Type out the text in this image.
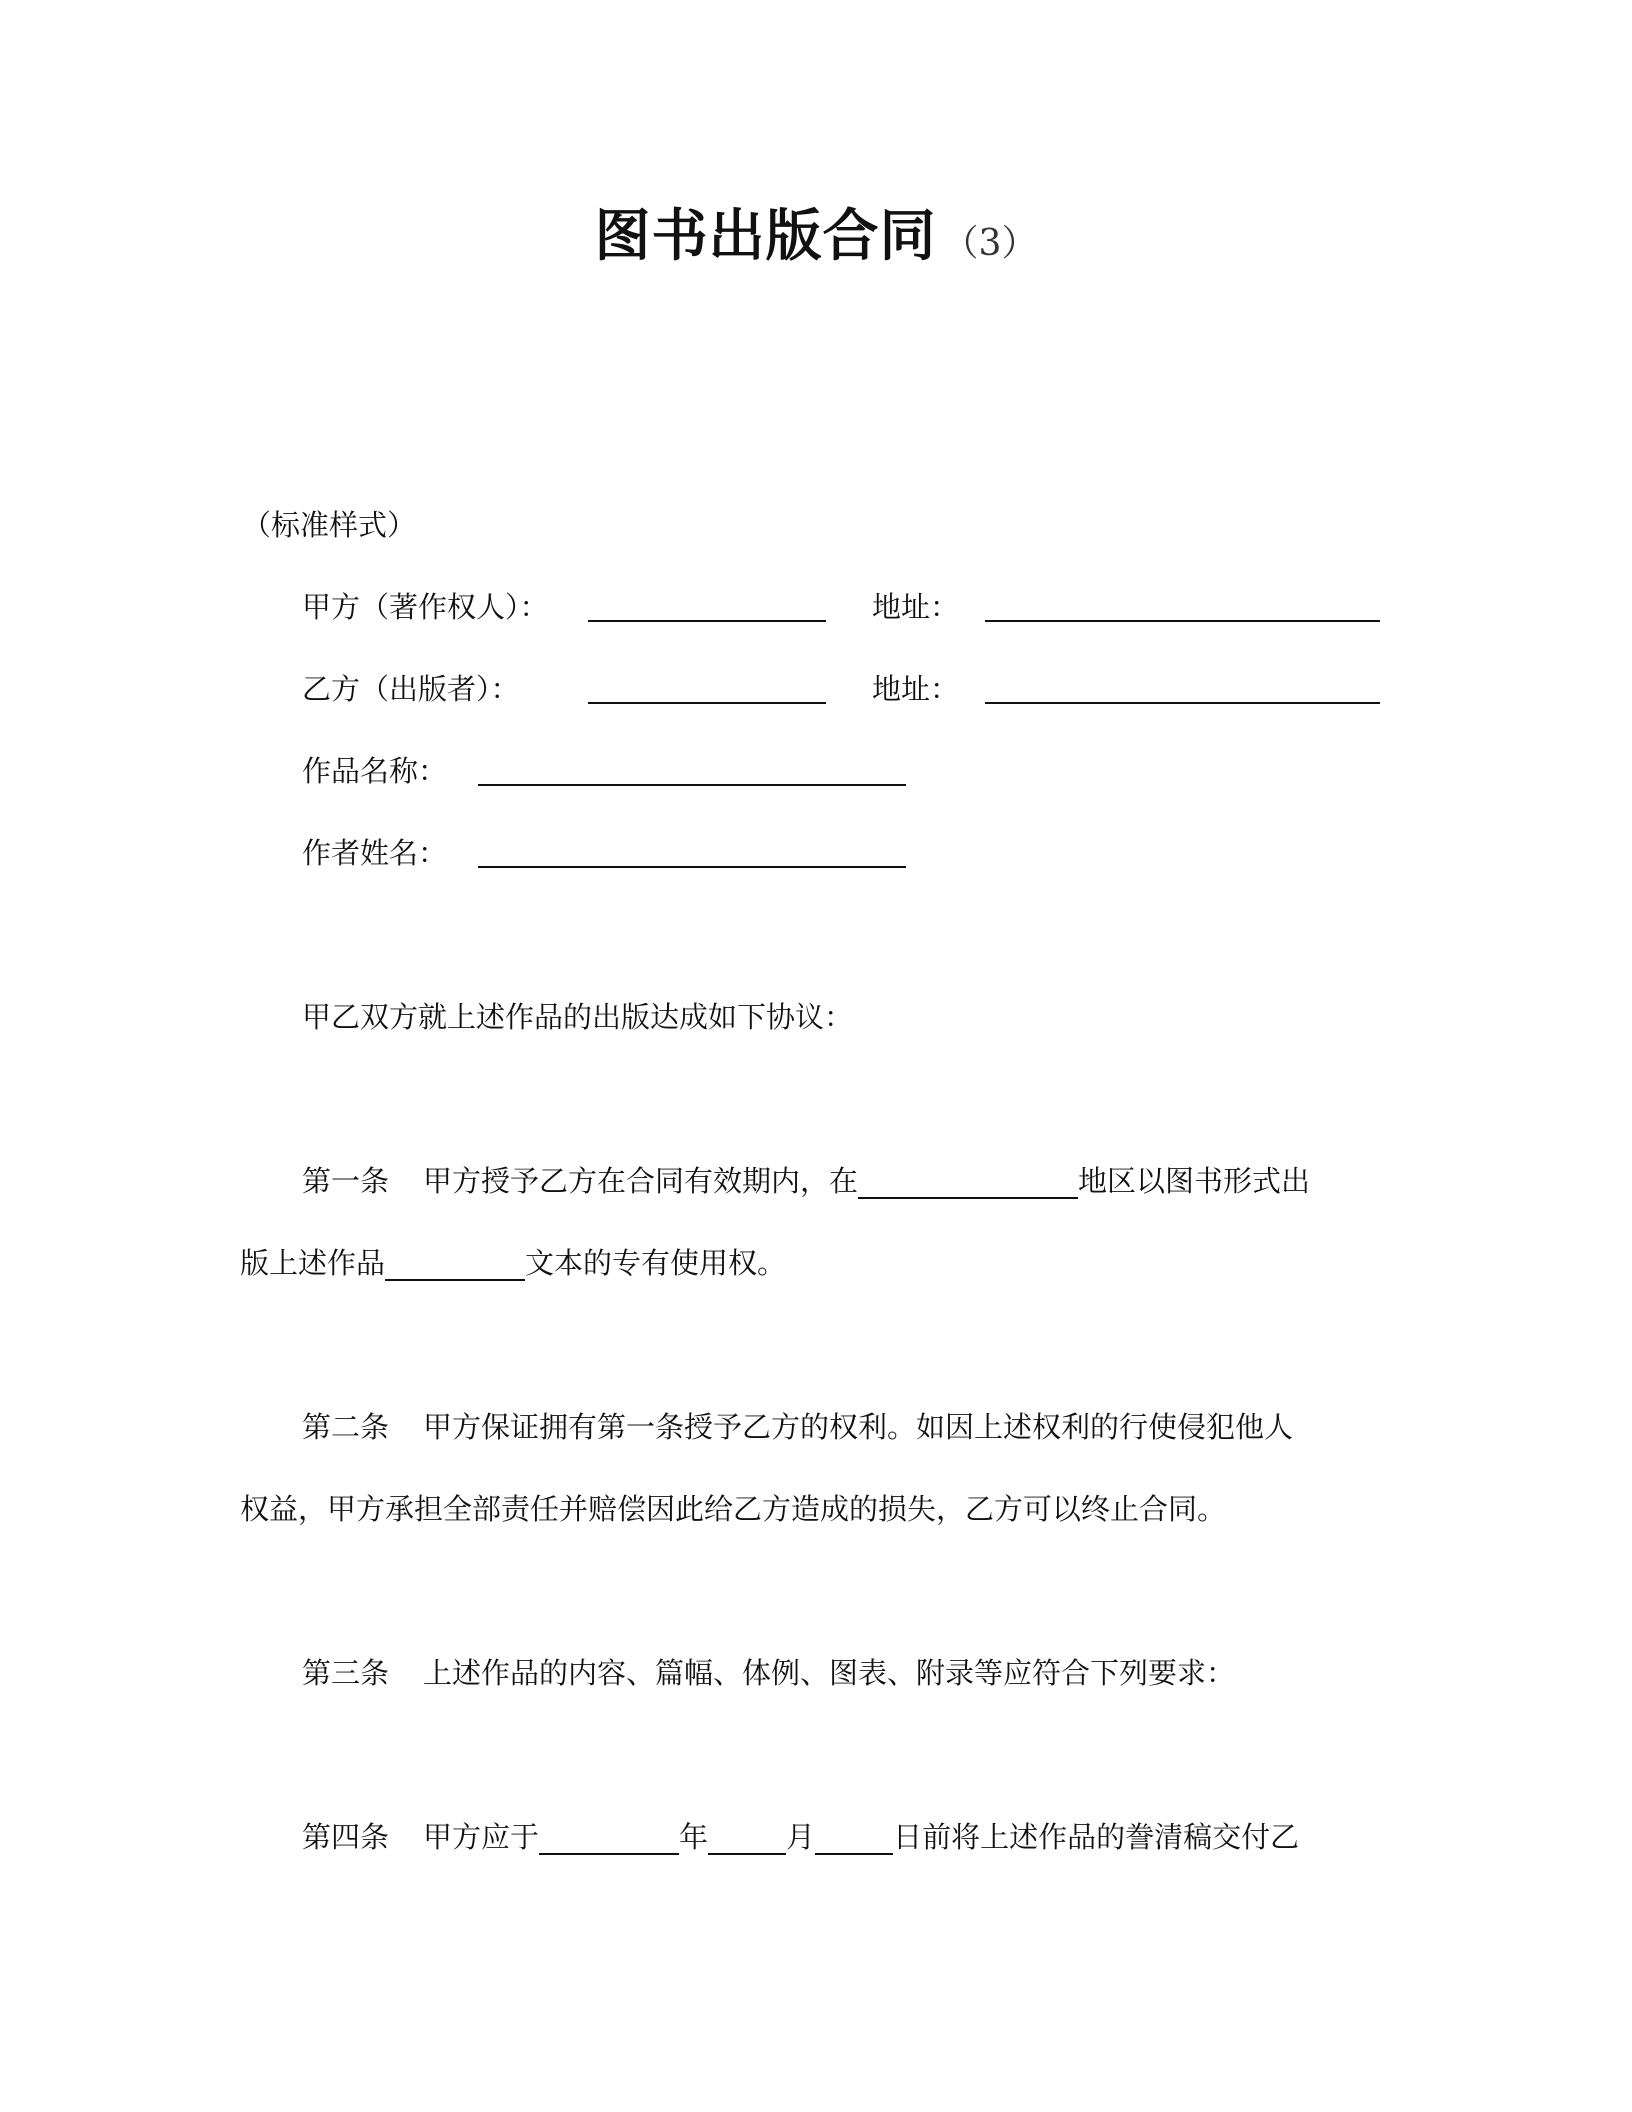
图书出版合同 （3）
（标准样式）
甲方（著作权人）：	地址：
乙方（出版者）：	地址：
作品名称：
作者姓名：
甲乙双方就上述作品的出版达成如下协议：
第一条 甲方授予乙方在合同有效期内，在	地区以图书形式出
版上述作品	文本的专有使用权。
第二条 甲方保证拥有第一条授予乙方的权利。如因上述权利的行使侵犯他人
权益，甲方承担全部责任并赔偿因此给乙方造成的损失，乙方可以终止合同。
第三条 上述作品的内容、篇幅、体例、图表、附录等应符合下列要求：
第四条 甲方应于	年	月	日前将上述作品的誊清稿交付乙
